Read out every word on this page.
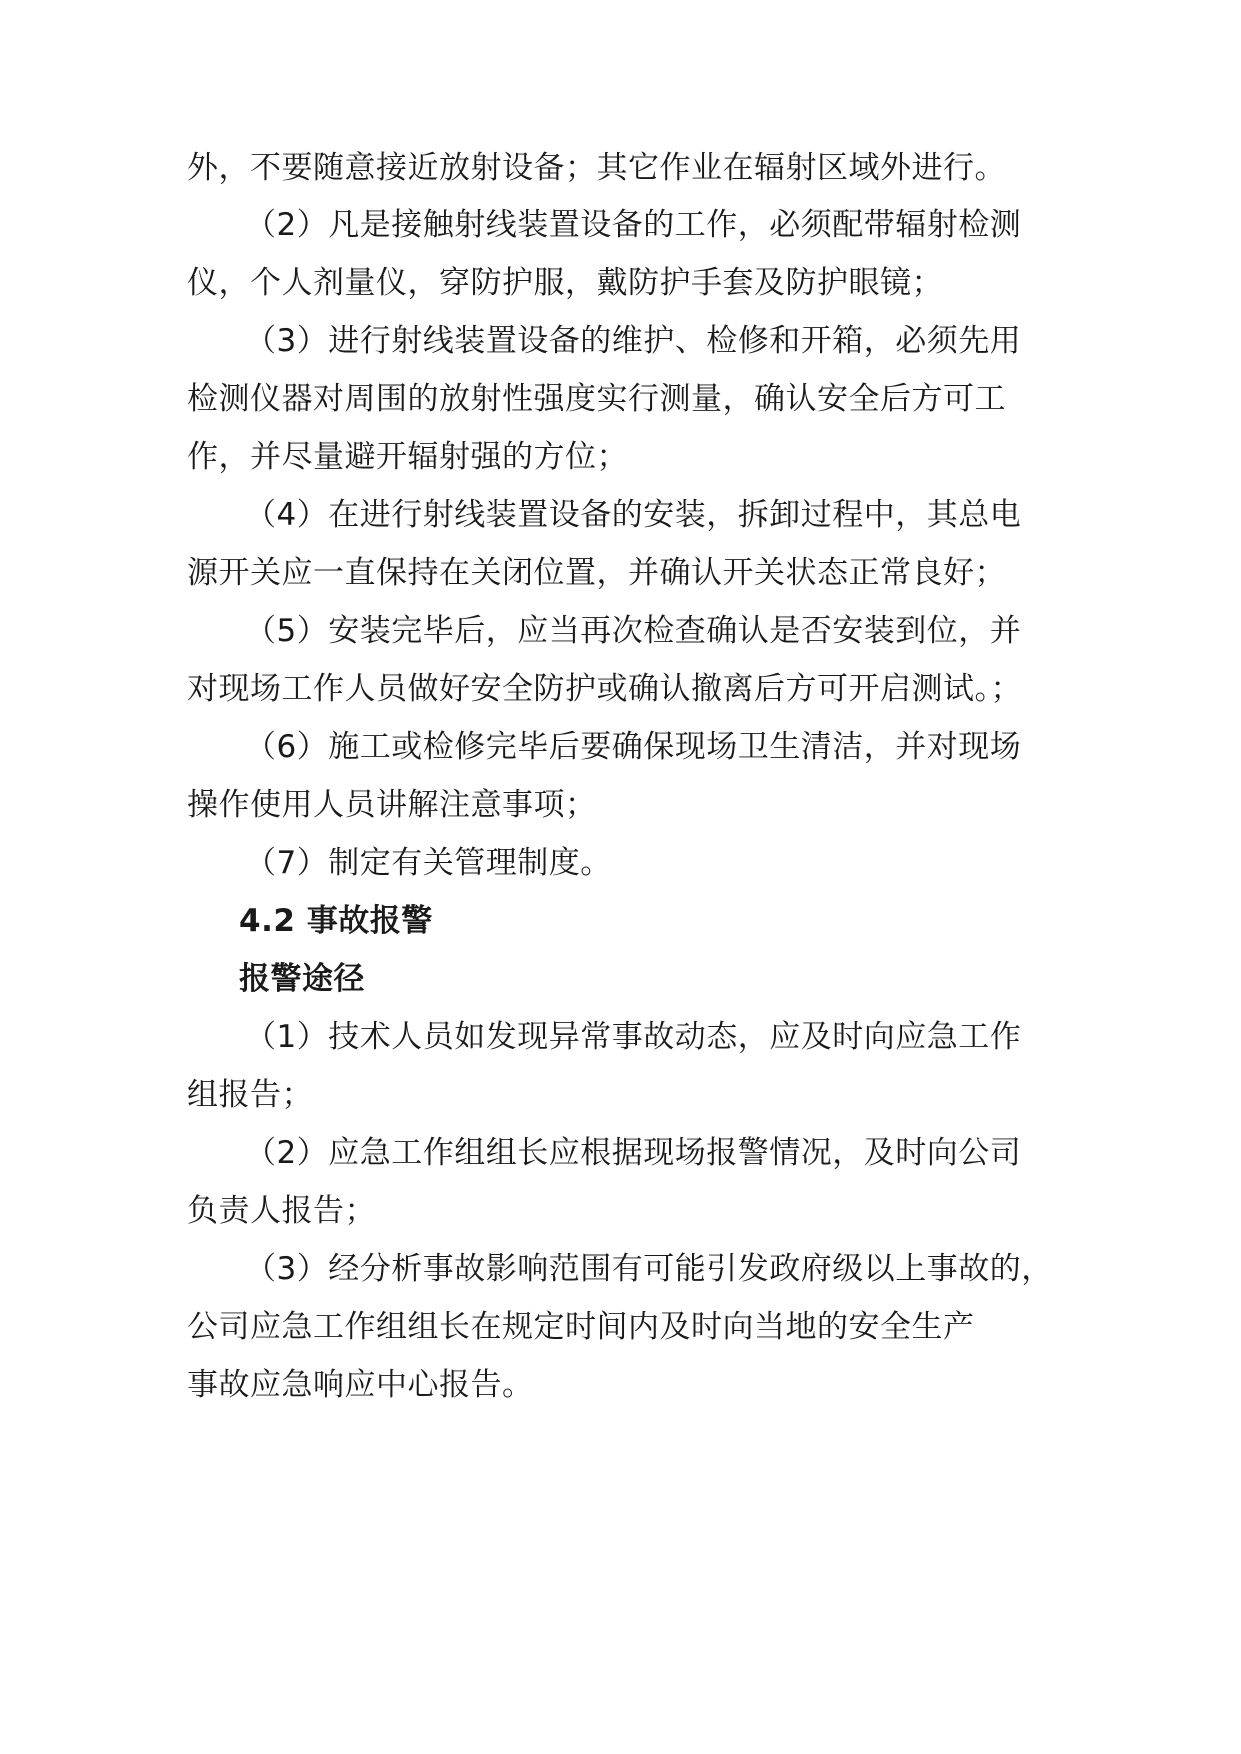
外，不要随意接近放射设备；其它作业在辐射区域外进行。
（2）凡是接触射线装置设备的工作，必须配带辐射检测
仪，个人剂量仪，穿防护服，戴防护手套及防护眼镜；
（3）进行射线装置设备的维护、检修和开箱，必须先用
检测仪器对周围的放射性强度实行测量，确认安全后方可工
作，并尽量避开辐射强的方位；
（4）在进行射线装置设备的安装，拆卸过程中，其总电
源开关应一直保持在关闭位置，并确认开关状态正常良好；
（5）安装完毕后，应当再次检查确认是否安装到位，并
对现场工作人员做好安全防护或确认撤离后方可开启测试。；
（6）施工或检修完毕后要确保现场卫生清洁，并对现场
操作使用人员讲解注意事项；
（7）制定有关管理制度。
4.2 事故报警
报警途径
（1）技术人员如发现异常事故动态，应及时向应急工作
组报告；
（2）应急工作组组长应根据现场报警情况，及时向公司
负责人报告；
（3）经分析事故影响范围有可能引发政府级以上事故的，
公司应急工作组组长在规定时间内及时向当地的安全生产
事故应急响应中心报告。
